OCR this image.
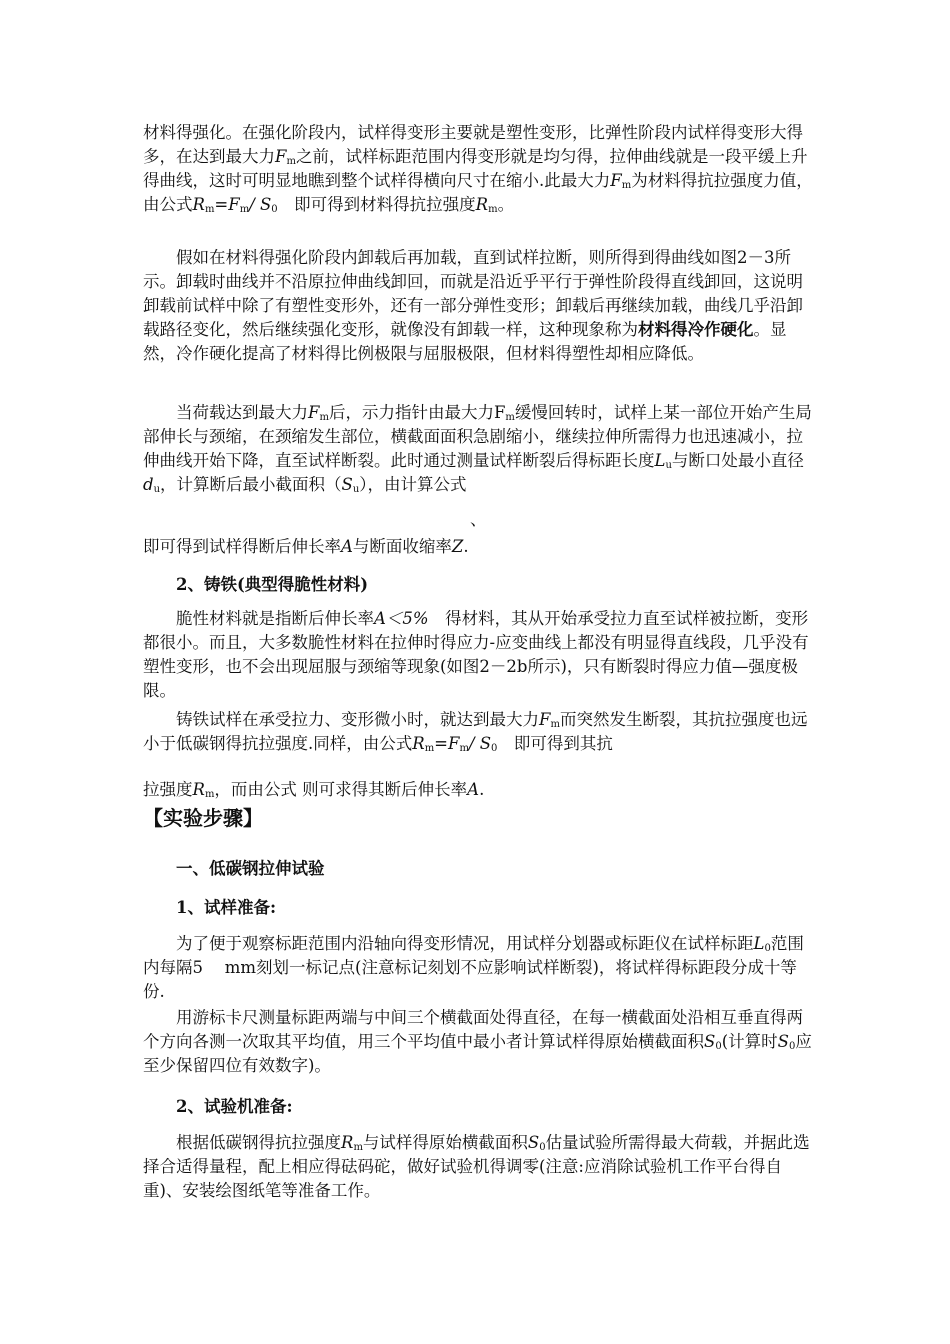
材料得强化。在强化阶段内，试样得变形主要就是塑性变形，比弹性阶段内试样得变形大得多，在达到最大力$F_m$之前，试样标距范围内得变形就是均匀得，拉伸曲线就是一段平缓上升得曲线，这时可明显地瞧到整个试样得横向尺寸在缩小.此最大力$F_m$为材料得抗拉强度力值，由公式$R_m=F_m/$ $S_0$　 即可得到材料得抗拉强度$R_m$。

假如在材料得强化阶段内卸载后再加载，直到试样拉断，则所得到得曲线如图2－3所示。卸载时曲线并不沿原拉伸曲线卸回，而就是沿近乎平行于弹性阶段得直线卸回，这说明卸载前试样中除了有塑性变形外，还有一部分弹性变形；卸载后再继续加载，曲线几乎沿卸载路径变化，然后继续强化变形，就像没有卸载一样，这种现象称为材料得冷作硬化。显然，冷作硬化提高了材料得比例极限与屈服极限，但材料得塑性却相应降低。

当荷载达到最大力$F_m$后，示力指针由最大力$F_m$缓慢回转时，试样上某一部位开始产生局部伸长与颈缩，在颈缩发生部位，横截面面积急剧缩小，继续拉伸所需得力也迅速减小，拉伸曲线开始下降，直至试样断裂。此时通过测量试样断裂后得标距长度$L_u$与断口处最小直径$d_u$，计算断后最小截面积$(S_u)$，由计算公式

、

即可得到试样得断后伸长率A与断面收缩率Z.

2、铸铁(典型得脆性材料)

脆性材料就是指断后伸长率A＜5%　 得材料，其从开始承受拉力直至试样被拉断，变形都很小。而且，大多数脆性材料在拉伸时得应力-应变曲线上都没有明显得直线段，几乎没有塑性变形，也不会出现屈服与颈缩等现象(如图2－2b所示)，只有断裂时得应力值—强度极限。

铸铁试样在承受拉力、变形微小时，就达到最大力$F_m$而突然发生断裂，其抗拉强度也远小于低碳钢得抗拉强度.同样，由公式$R_m=F_m/$ $S_0$　 即可得到其抗

拉强度$R_m$，而由公式 则可求得其断后伸长率A.

【实验步骤】
一、低碳钢拉伸试验
1、试样准备:

为了便于观察标距范围内沿轴向得变形情况，用试样分划器或标距仪在试样标距$L_0$范围内每隔5　 mm刻划一标记点(注意标记刻划不应影响试样断裂)，将试样得标距段分成十等份.

用游标卡尺测量标距两端与中间三个横截面处得直径，在每一横截面处沿相互垂直得两个方向各测一次取其平均值，用三个平均值中最小者计算试样得原始横截面积$S_0$(计算时$S_0$应至少保留四位有效数字)。

2、试验机准备:

根据低碳钢得抗拉强度$R_m$与试样得原始横截面积$S_0$估量试验所需得最大荷载，并据此选择合适得量程，配上相应得砝码砣，做好试验机得调零(注意:应消除试验机工作平台得自重)、安装绘图纸笔等准备工作。
